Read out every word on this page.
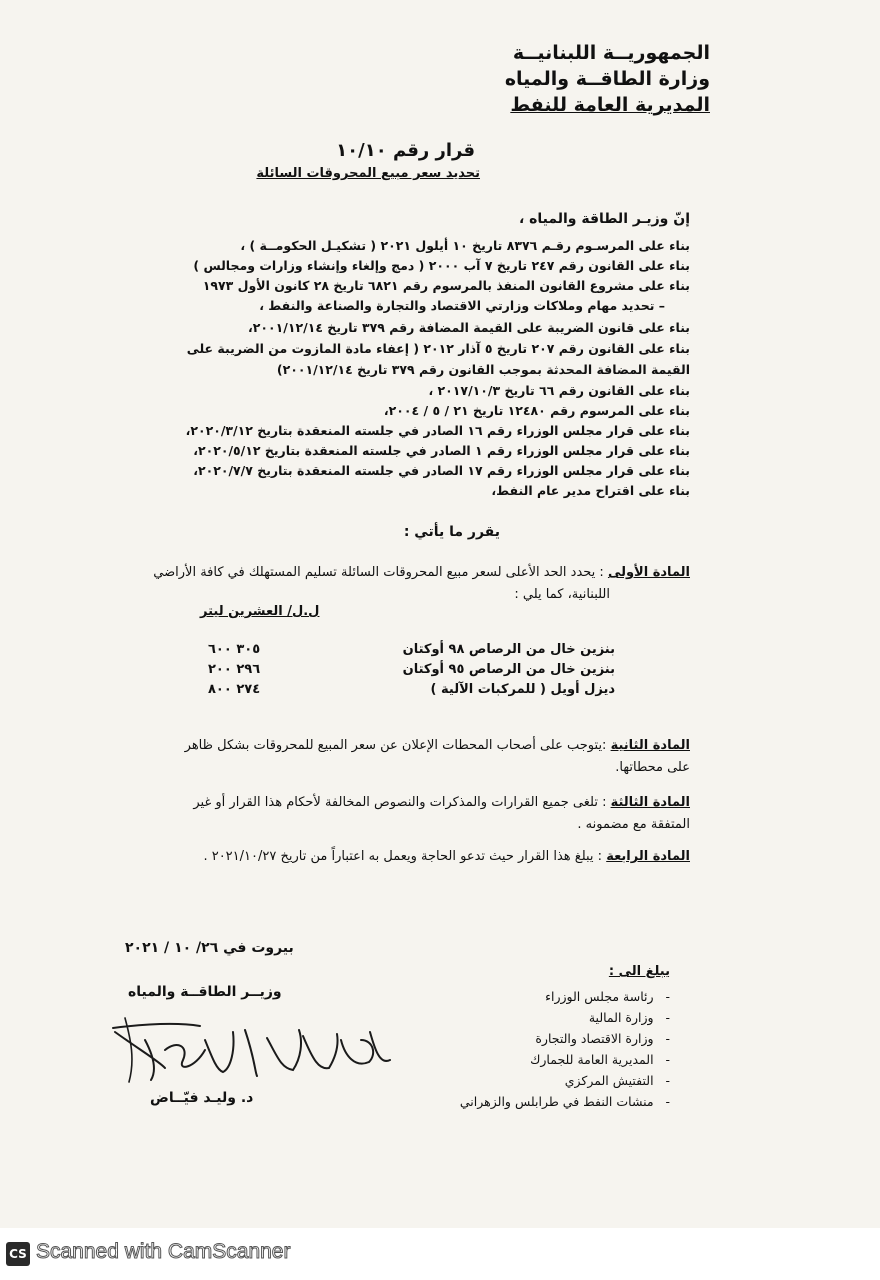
الجمهوريــة اللبنانيــة
وزارة الطاقــة والمياه
المديرية العامة للنفط
قرار رقم ١٠/١٠
تحديد سعر مبيع المحروقات السائلة
إنّ وزيـر الطاقة والمياه ،
بناء على المرسـوم رقـم ٨٣٧٦ تاريخ ١٠ أيلول ٢٠٢١ ( تشكيـل الحكومــة ) ،
بناء على القانون رقم ٢٤٧ تاريخ ٧ آب ٢٠٠٠ ( دمج وإلغاء وإنشاء وزارات ومجالس )
بناء على مشروع القانون المنفذ بالمرسوم رقم ٦٨٢١ تاريخ ٢٨ كانون الأول ١٩٧٣
– تحديد مهام وملاكات وزارتي الاقتصاد والتجارة والصناعة والنفط ،
بناء على قانون الضريبة على القيمة المضافة رقم ٣٧٩ تاريخ ٢٠٠١/١٢/١٤،
بناء على القانون رقم ٢٠٧ تاريخ ٥ آذار ٢٠١٢ ( إعفاء مادة المازوت من الضريبة على
القيمة المضافة المحدثة بموجب القانون رقم ٣٧٩ تاريخ ٢٠٠١/١٢/١٤)
بناء على القانون رقم ٦٦ تاريخ ٢٠١٧/١٠/٣ ،
بناء على المرسوم رقم ١٢٤٨٠ تاريخ ٢١ / ٥ / ٢٠٠٤،
بناء على قرار مجلس الوزراء رقم ١٦ الصادر في جلسته المنعقدة بتاريخ ٢٠٢٠/٣/١٢،
بناء على قرار مجلس الوزراء رقم ١ الصادر في جلسته المنعقدة بتاريخ ٢٠٢٠/٥/١٢،
بناء على قرار مجلس الوزراء رقم ١٧ الصادر في جلسته المنعقدة بتاريخ ٢٠٢٠/٧/٧،
بناء على اقتراح مدير عام النفط،
يقرر ما يأتي :
المادة الأولى : يحدد الحد الأعلى لسعر مبيع المحروقات السائلة تسليم المستهلك في كافة الأراضي
اللبنانية، كما يلي :
ل.ل/ العشرين ليتر
بنزين خال من الرصاص ٩٨ أوكتان
٣٠٥ ٦٠٠
بنزين خال من الرصاص ٩٥ أوكتان
٢٩٦ ٢٠٠
ديزل أويل ( للمركبات الآلية )
٢٧٤ ٨٠٠
المادة الثانية :يتوجب على أصحاب المحطات الإعلان عن سعر المبيع للمحروقات بشكل ظاهر
على محطاتها.
المادة الثالثة : تلغى جميع القرارات والمذكرات والنصوص المخالفة لأحكام هذا القرار أو غير
المتفقة مع مضمونه .
المادة الرابعة : يبلغ هذا القرار حيث تدعو الحاجة ويعمل به اعتباراً من تاريخ ٢٠٢١/١٠/٢٧ .
بيروت في ٢٦/ ١٠ / ٢٠٢١
يبلغ الى :
-   رئاسة مجلس الوزراء
-   وزارة المالية
-   وزارة الاقتصاد والتجارة
-   المديرية العامة للجمارك
-   التفتيش المركزي
-   منشات النفط في طرابلس والزهراني
وزيــر الطاقــة والمياه
د. وليـد فيّــاض
CS Scanned with CamScanner
